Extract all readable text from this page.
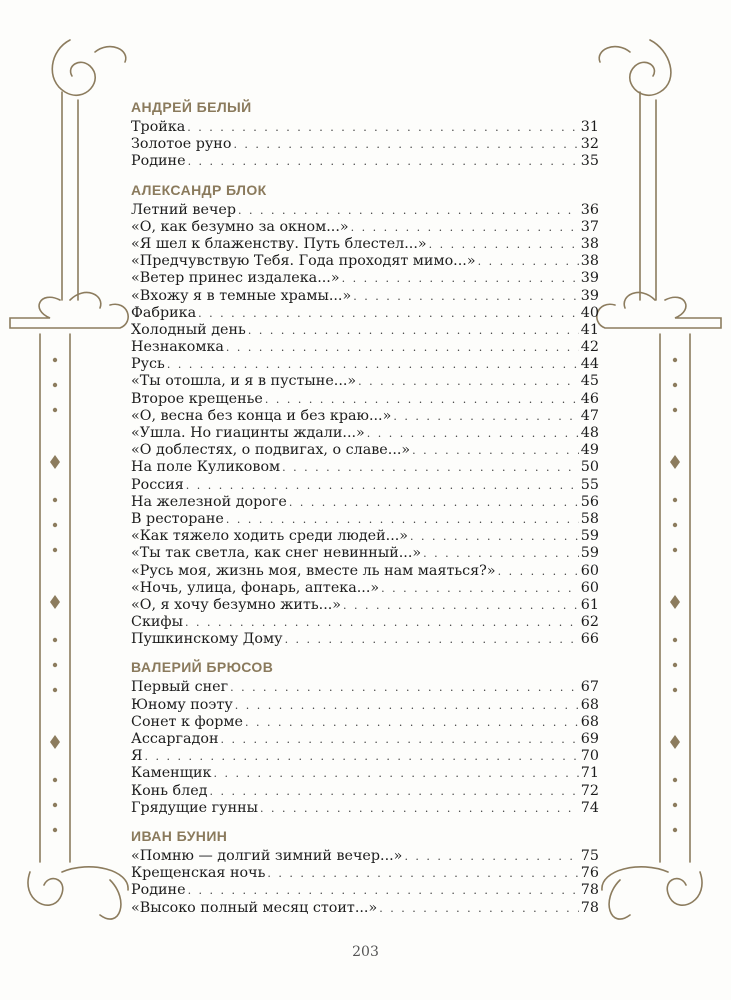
АНДРЕЙ БЕЛЫЙ
Тройка . . .	31
Золотое руно . . .	32
Родине . . .	35
АЛЕКСАНДР БЛОК
Летний вечер . . .	36
«О, как безумно за окном...» . . .	37
«Я шел к блаженству. Путь блестел...» . . .	38
«Предчувствую Тебя. Года проходят мимо...» . . .	38
«Ветер принес издалека...» . . .	39
«Вхожу я в темные храмы...» . . .	39
Фабрика . . .	40
Холодный день . . .	41
Незнакомка . . .	42
Русь . . .	44
«Ты отошла, и я в пустыне...» . . .	45
Второе крещенье . . .	46
«О, весна без конца и без краю...» . . .	47
«Ушла. Но гиацинты ждали...» . . .	48
«О доблестях, о подвигах, о славе...» . . .	49
На поле Куликовом . . .	50
Россия . . .	55
На железной дороге . . .	56
В ресторане . . .	58
«Как тяжело ходить среди людей...» . . .	59
«Ты так светла, как снег невинный...» . . .	59
«Русь моя, жизнь моя, вместе ль нам маяться?» . . .	60
«Ночь, улица, фонарь, аптека...» . . .	60
«О, я хочу безумно жить...» . . .	61
Скифы . . .	62
Пушкинскому Дому . . .	66
ВАЛЕРИЙ БРЮСОВ
Первый снег . . .	67
Юному поэту . . .	68
Сонет к форме . . .	68
Ассаргадон . . .	69
Я . . .	70
Каменщик . . .	71
Конь блед . . .	72
Грядущие гунны . . .	74
ИВАН БУНИН
«Помню — долгий зимний вечер...» . . .	75
Крещенская ночь . . .	76
Родине . . .	78
«Высоко полный месяц стоит...» . . .	78
203
